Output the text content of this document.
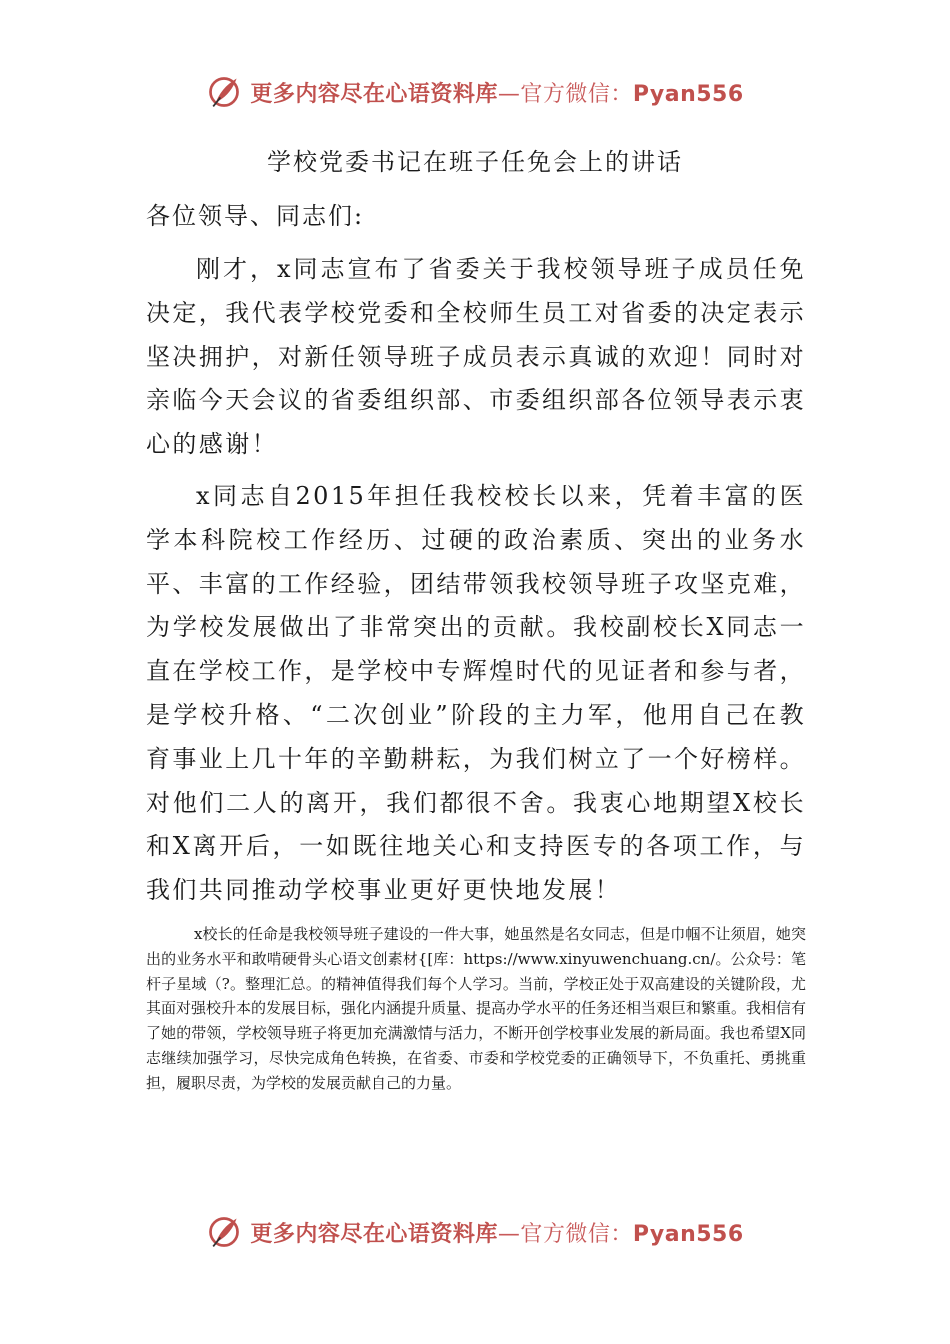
更多内容尽在心语资料库—官方微信：Pyan556
学校党委书记在班子任免会上的讲话
各位领导、同志们:

刚才，x同志宣布了省委关于我校领导班子成员任免决定，我代表学校党委和全校师生员工对省委的决定表示坚决拥护，对新任领导班子成员表示真诚的欢迎！同时对亲临今天会议的省委组织部、市委组织部各位领导表示衷心的感谢！

x同志自2015年担任我校校长以来，凭着丰富的医学本科院校工作经历、过硬的政治素质、突出的业务水平、丰富的工作经验，团结带领我校领导班子攻坚克难，为学校发展做出了非常突出的贡献。我校副校长X同志一直在学校工作，是学校中专辉煌时代的见证者和参与者，是学校升格、“二次创业”阶段的主力军，他用自己在教育事业上几十年的辛勤耕耘，为我们树立了一个好榜样。对他们二人的离开，我们都很不舍。我衷心地期望X校长和X离开后，一如既往地关心和支持医专的各项工作，与我们共同推动学校事业更好更快地发展！

x校长的任命是我校领导班子建设的一件大事，她虽然是名女同志，但是巾帼不让须眉，她突出的业务水平和敢啃硬骨头心语文创素材{[库：https://www.xinyuwenchuang.cn/。公众号：笔杆子星域（?。整理汇总。的精神值得我们每个人学习。当前，学校正处于双高建设的关键阶段，尤其面对强校升本的发展目标，强化内涵提升质量、提高办学水平的任务还相当艰巨和繁重。我相信有了她的带领，学校领导班子将更加充满激情与活力，不断开创学校事业发展的新局面。我也希望X同志继续加强学习，尽快完成角色转换，在省委、市委和学校党委的正确领导下，不负重托、勇挑重担，履职尽责，为学校的发展贡献自己的力量。

更多内容尽在心语资料库—官方微信：Pyan556
